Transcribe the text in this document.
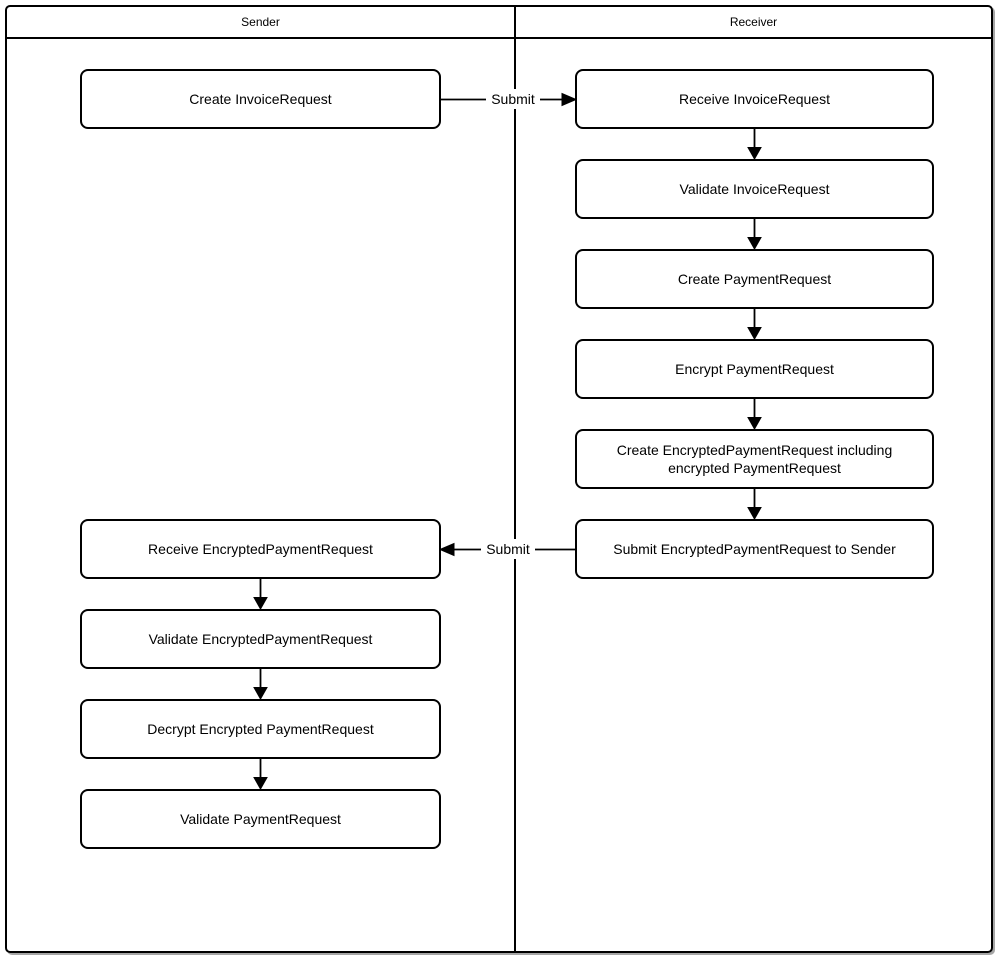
Sender	Receiver
Submit
Submit
Create InvoiceRequest
Receive EncryptedPaymentRequest
Validate EncryptedPaymentRequest
Decrypt Encrypted PaymentRequest
Validate PaymentRequest
Receive InvoiceRequest
Validate InvoiceRequest
Create PaymentRequest
Encrypt PaymentRequest
Create EncryptedPaymentRequest including encrypted PaymentRequest
Submit EncryptedPaymentRequest to Sender
